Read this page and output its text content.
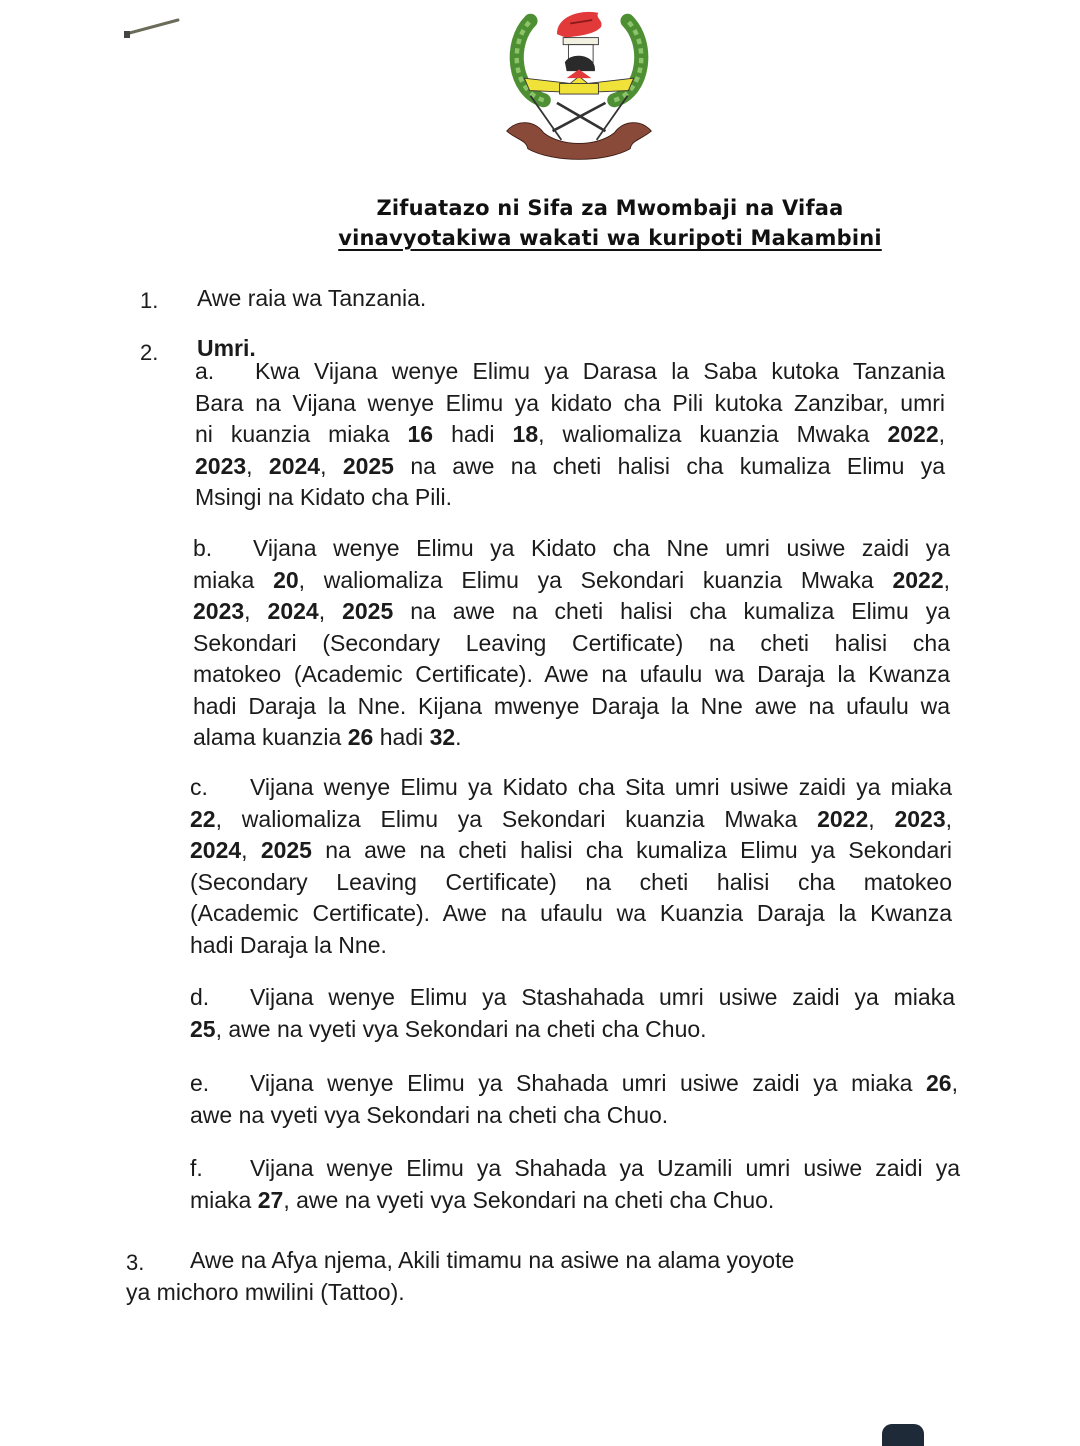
Zifuatazo ni Sifa za Mwombaji na Vifaa
vinavyotakiwa wakati wa kuripoti Makambini
1. Awe raia wa Tanzania.
2. Umri.
a. Kwa Vijana wenye Elimu ya Darasa la Saba kutoka Tanzania
Bara na Vijana wenye Elimu ya kidato cha Pili kutoka Zanzibar, umri
ni kuanzia miaka 16 hadi 18, waliomaliza kuanzia Mwaka 2022,
2023, 2024, 2025 na awe na cheti halisi cha kumaliza Elimu ya
Msingi na Kidato cha Pili.
b. Vijana wenye Elimu ya Kidato cha Nne umri usiwe zaidi ya
miaka 20, waliomaliza Elimu ya Sekondari kuanzia Mwaka 2022,
2023, 2024, 2025 na awe na cheti halisi cha kumaliza Elimu ya
Sekondari (Secondary Leaving Certificate) na cheti halisi cha
matokeo (Academic Certificate). Awe na ufaulu wa Daraja la Kwanza
hadi Daraja la Nne. Kijana mwenye Daraja la Nne awe na ufaulu wa
alama kuanzia 26 hadi 32.
c. Vijana wenye Elimu ya Kidato cha Sita umri usiwe zaidi ya miaka
22, waliomaliza Elimu ya Sekondari kuanzia Mwaka 2022, 2023,
2024, 2025 na awe na cheti halisi cha kumaliza Elimu ya Sekondari
(Secondary Leaving Certificate) na cheti halisi cha matokeo
(Academic Certificate). Awe na ufaulu wa Kuanzia Daraja la Kwanza
hadi Daraja la Nne.
d. Vijana wenye Elimu ya Stashahada umri usiwe zaidi ya miaka
25, awe na vyeti vya Sekondari na cheti cha Chuo.
e. Vijana wenye Elimu ya Shahada umri usiwe zaidi ya miaka 26,
awe na vyeti vya Sekondari na cheti cha Chuo.
f. Vijana wenye Elimu ya Shahada ya Uzamili umri usiwe zaidi ya
miaka 27, awe na vyeti vya Sekondari na cheti cha Chuo.
3. Awe na Afya njema, Akili timamu na asiwe na alama yoyote
ya michoro mwilini (Tattoo).
